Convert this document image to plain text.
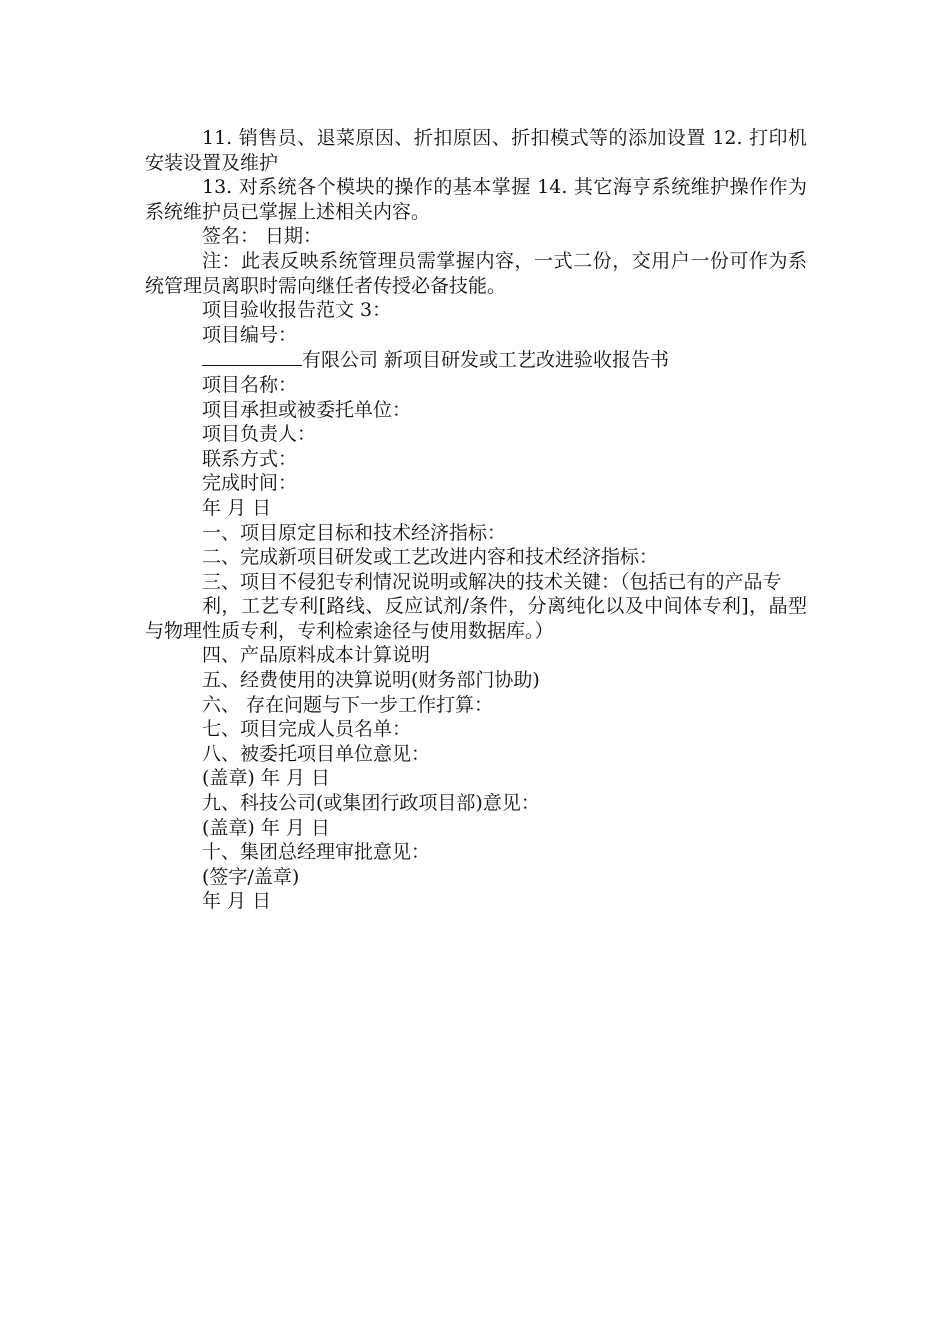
11. 销售员、退菜原因、折扣原因、折扣模式等的添加设置 12. 打印机安装设置及维护

13. 对系统各个模块的操作的基本掌握 14. 其它海亨系统维护操作作为系统维护员已掌握上述相关内容。

签名： 日期：

注：此表反映系统管理员需掌握内容，一式二份，交用户一份可作为系统管理员离职时需向继任者传授必备技能。

项目验收报告范文 3：

项目编号：

有限公司 新项目研发或工艺改进验收报告书

项目名称：

项目承担或被委托单位：

项目负责人：

联系方式：

完成时间：

年 月 日

一、项目原定目标和技术经济指标：

二、完成新项目研发或工艺改进内容和技术经济指标：

三、项目不侵犯专利情况说明或解决的技术关键：（包括已有的产品专

利，工艺专利[路线、反应试剂/条件，分离纯化以及中间体专利]，晶型与物理性质专利，专利检索途径与使用数据库。）

四、产品原料成本计算说明

五、经费使用的决算说明(财务部门协助)

六、 存在问题与下一步工作打算：

七、项目完成人员名单：

八、被委托项目单位意见：

(盖章) 年 月 日

九、科技公司(或集团行政项目部)意见：

(盖章) 年 月 日

十、集团总经理审批意见：

(签字/盖章)

年 月 日
